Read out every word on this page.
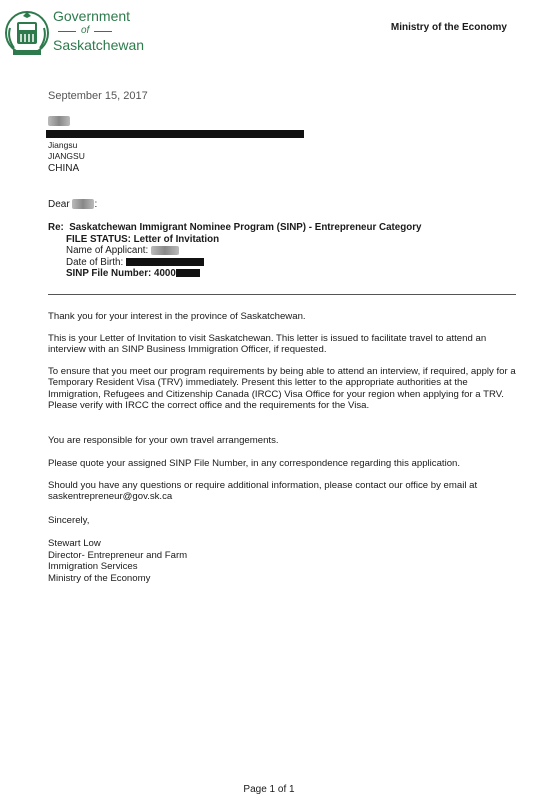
Government
of
Saskatchewan
Ministry of the Economy
September 15, 2017
Jiangsu
JIANGSU
CHINA
Dear :
Re: Saskatchewan Immigrant Nominee Program (SINP) - Entrepreneur Category
FILE STATUS: Letter of Invitation
Name of Applicant:
Date of Birth:
SINP File Number: 4000

Thank you for your interest in the province of Saskatchewan.

This is your Letter of Invitation to visit Saskatchewan. This letter is issued to facilitate travel to attend an interview with an SINP Business Immigration Officer, if requested.

To ensure that you meet our program requirements by being able to attend an interview, if required, apply for a Temporary Resident Visa (TRV) immediately. Present this letter to the appropriate authorities at the Immigration, Refugees and Citizenship Canada (IRCC) Visa Office for your region when applying for a TRV. Please verify with IRCC the correct office and the requirements for the Visa.

You are responsible for your own travel arrangements.

Please quote your assigned SINP File Number, in any correspondence regarding this application.

Should you have any questions or require additional information, please contact our office by email at saskentrepreneur@gov.sk.ca

Sincerely,

Stewart Low
Director- Entrepreneur and Farm
Immigration Services
Ministry of the Economy
Page 1 of 1
